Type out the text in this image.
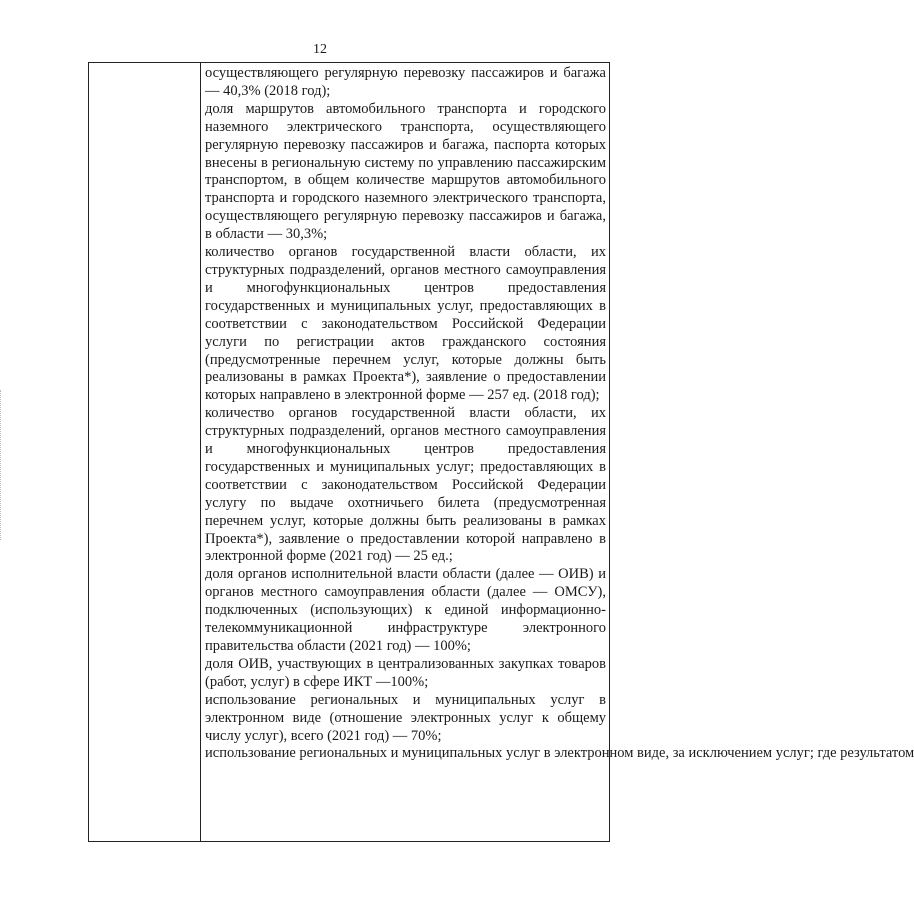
12

осуществляющего регулярную перевозку пассажиров и багажа — 40,3% (2018 год);

доля маршрутов автомобильного транспорта и городского наземного электрического транспорта, осуществляющего регулярную перевозку пассажиров и багажа, паспорта которых внесены в региональную систему по управлению пассажирским транспортом, в общем количестве маршрутов автомобильного транспорта и городского наземного электрического транспорта, осуществляющего регулярную перевозку пассажиров и багажа, в области — 30,3%;

количество органов государственной власти области, их структурных подразделений, органов местного самоуправления и многофункциональных центров предоставления государственных и муниципальных услуг, предоставляющих в соответствии с законодательством Российской Федерации услуги по регистрации актов гражданского состояния (предусмотренные перечнем услуг, которые должны быть реализованы в рамках Проекта*), заявление о предоставлении которых направлено в электронной форме — 257 ед. (2018 год);

количество органов государственной власти области, их структурных подразделений, органов местного самоуправления и многофункциональных центров предоставления государственных и муниципальных услуг; предоставляющих в соответствии с законодательством Российской Федерации услугу по выдаче охотничьего билета (предусмотренная перечнем услуг, которые должны быть реализованы в рамках Проекта*), заявление о предоставлении которой направлено в электронной форме (2021 год) — 25 ед.;

доля органов исполнительной власти области (далее — ОИВ) и органов местного самоуправления области (далее — ОМСУ), подключенных (использующих) к единой информационно-телекоммуникационной инфраструктуре электронного правительства области (2021 год) — 100%;

доля ОИВ, участвующих в централизованных закупках товаров (работ, услуг) в сфере ИКТ —100%;

использование региональных и муниципальных услуг в электронном виде (отношение электронных услуг к общему числу услуг), всего (2021 год) — 70%;

использование региональных и муниципальных услуг в электронном виде, за исключением услуг; где результатом
